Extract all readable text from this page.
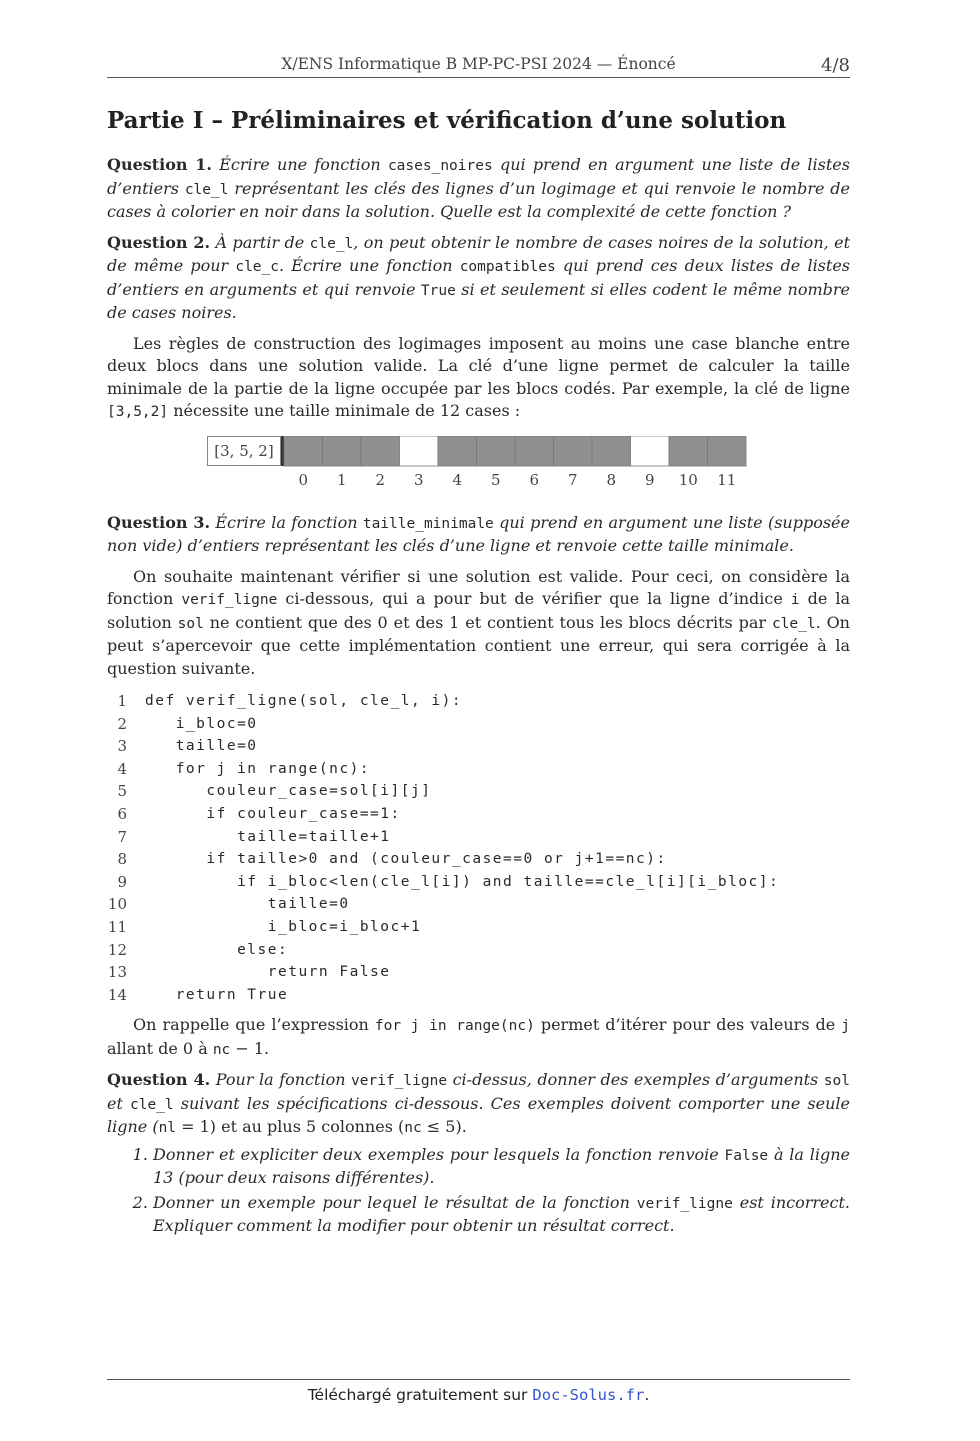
X/ENS Informatique B MP-PC-PSI 2024 — Énoncé	4/8
Partie I – Préliminaires et vérification d’une solution

Question 1. Écrire une fonction cases_noires qui prend en argument une liste de listes d’entiers cle_l représentant les clés des lignes d’un logimage et qui renvoie le nombre de cases à colorier en noir dans la solution. Quelle est la complexité de cette fonction ?

Question 2. À partir de cle_l, on peut obtenir le nombre de cases noires de la solution, et de même pour cle_c. Écrire une fonction compatibles qui prend ces deux listes de listes d’entiers en arguments et qui renvoie True si et seulement si elles codent le même nombre de cases noires.

Les règles de construction des logimages imposent au moins une case blanche entre deux blocs dans une solution valide. La clé d’une ligne permet de calculer la taille minimale de la partie de la ligne occupée par les blocs codés. Par exemple, la clé de ligne [3,5,2] nécessite une taille minimale de 12 cases :

[3, 5, 2]
0 1 2 3 4 5 6 7 8 9 10 11

Question 3. Écrire la fonction taille_minimale qui prend en argument une liste (supposée non vide) d’entiers représentant les clés d’une ligne et renvoie cette taille minimale.

On souhaite maintenant vérifier si une solution est valide. Pour ceci, on considère la fonction verif_ligne ci-dessous, qui a pour but de vérifier que la ligne d’indice i de la solution sol ne contient que des 0 et des 1 et contient tous les blocs décrits par cle_l. On peut s’apercevoir que cette implémentation contient une erreur, qui sera corrigée à la question suivante.

1	def verif_ligne(sol, cle_l, i):
2	i_bloc=0
3	taille=0
4	for j in range(nc):
5	couleur_case=sol[i][j]
6	if couleur_case==1:
7	taille=taille+1
8	if taille>0 and (couleur_case==0 or j+1==nc):
9	if i_bloc<len(cle_l[i]) and taille==cle_l[i][i_bloc]:
10	taille=0
11	i_bloc=i_bloc+1
12	else:
13	return False
14	return True

On rappelle que l’expression for j in range(nc) permet d’itérer pour des valeurs de j allant de 0 à nc − 1.

Question 4. Pour la fonction verif_ligne ci-dessus, donner des exemples d’arguments sol et cle_l suivant les spécifications ci-dessous. Ces exemples doivent comporter une seule ligne (nl = 1) et au plus 5 colonnes (nc ≤ 5).

1. Donner et expliciter deux exemples pour lesquels la fonction renvoie False à la ligne 13 (pour deux raisons différentes).
2. Donner un exemple pour lequel le résultat de la fonction verif_ligne est incorrect. Expliquer comment la modifier pour obtenir un résultat correct.
Téléchargé gratuitement sur Doc-Solus.fr.
